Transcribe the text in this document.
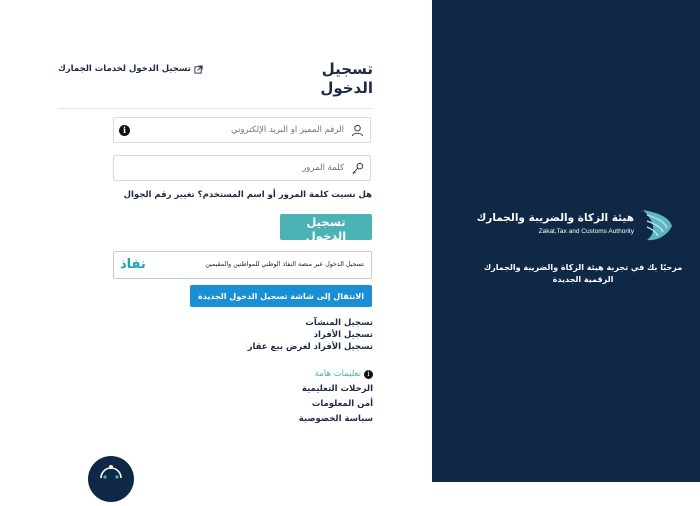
تسجيل الدخول
تسجيل الدخول لخدمات الجمارك
الرقم المميز أو البريد الإلكتروني
i
هل نسيت كلمة المرور أو اسم المستخدم؟ تغيير رقم الجوال
تسجيل الدخول
تسجيل الدخول عبر منصة النفاذ الوطني للمواطنين والمقيمين
نفاذ
الانتقال إلى شاشة تسجيل الدخول الجديدة
تسجيل المنشآت
تسجيل الأفراد
تسجيل الأفراد لغرض بيع عقار
i
تعليمات هامة
الرحلات التعليمية
أمن المعلومات
سياسة الخصوصية
هيئة الزكاة والضريبة والجمارك
Zakat,Tax and Customs Authority
مرحبًا بك في تجربة هيئة الزكاة والضريبة والجمارك الرقمية الجديدة
